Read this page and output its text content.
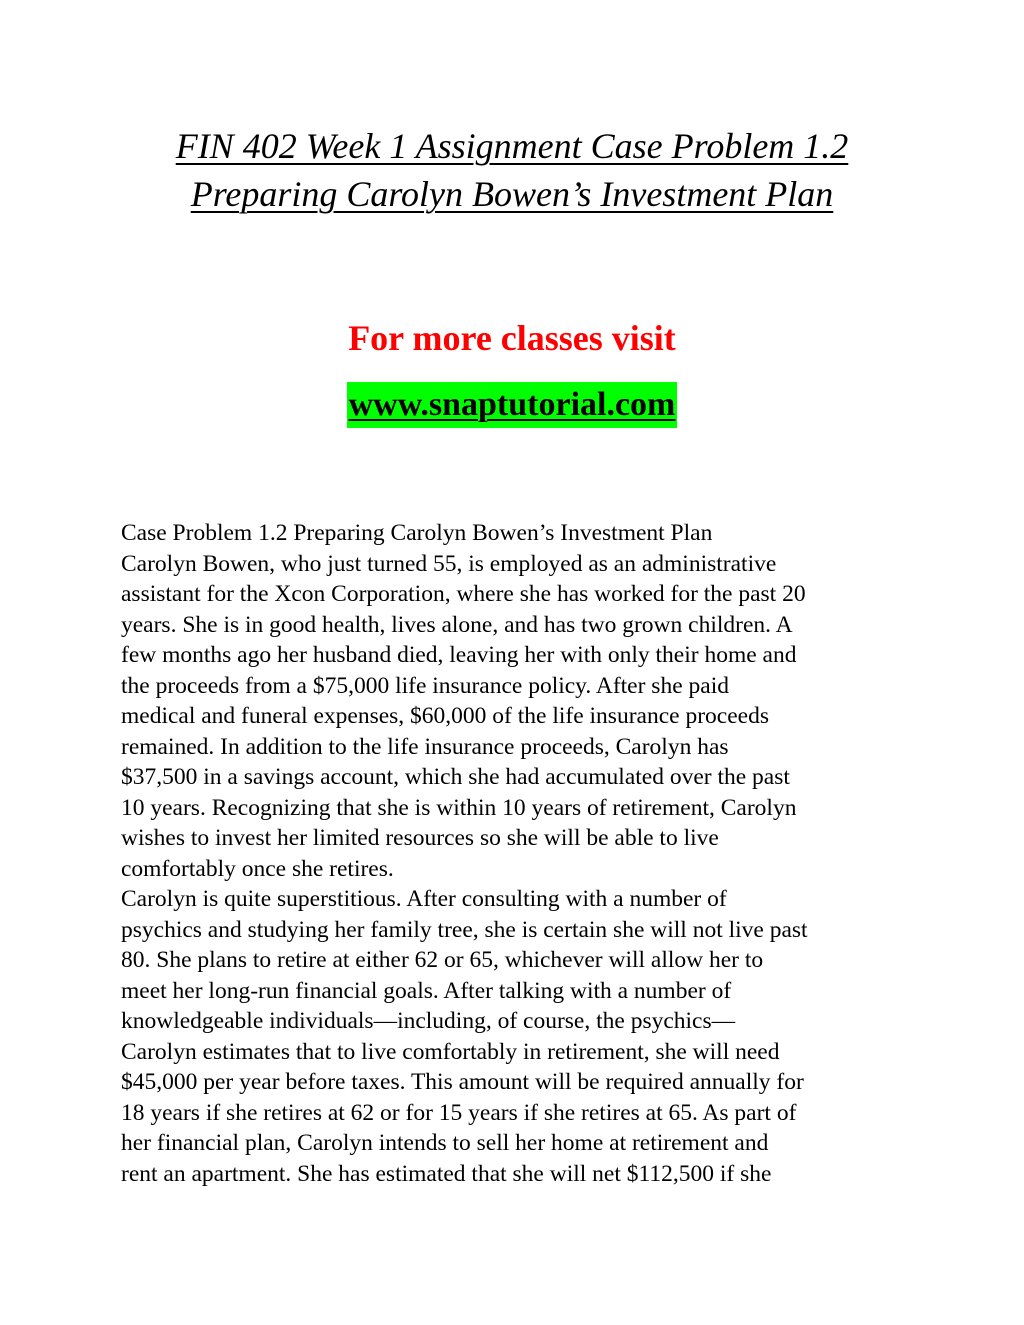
FIN 402 Week 1 Assignment Case Problem 1.2
Preparing Carolyn Bowen’s Investment Plan
For more classes visit
www.snaptutorial.com
Case Problem 1.2 Preparing Carolyn Bowen’s Investment Plan
Carolyn Bowen, who just turned 55, is employed as an administrative
assistant for the Xcon Corporation, where she has worked for the past 20
years. She is in good health, lives alone, and has two grown children. A
few months ago her husband died, leaving her with only their home and
the proceeds from a $75,000 life insurance policy. After she paid
medical and funeral expenses, $60,000 of the life insurance proceeds
remained. In addition to the life insurance proceeds, Carolyn has
$37,500 in a savings account, which she had accumulated over the past
10 years. Recognizing that she is within 10 years of retirement, Carolyn
wishes to invest her limited resources so she will be able to live
comfortably once she retires.
Carolyn is quite superstitious. After consulting with a number of
psychics and studying her family tree, she is certain she will not live past
80. She plans to retire at either 62 or 65, whichever will allow her to
meet her long-run financial goals. After talking with a number of
knowledgeable individuals—including, of course, the psychics—
Carolyn estimates that to live comfortably in retirement, she will need
$45,000 per year before taxes. This amount will be required annually for
18 years if she retires at 62 or for 15 years if she retires at 65. As part of
her financial plan, Carolyn intends to sell her home at retirement and
rent an apartment. She has estimated that she will net $112,500 if she
